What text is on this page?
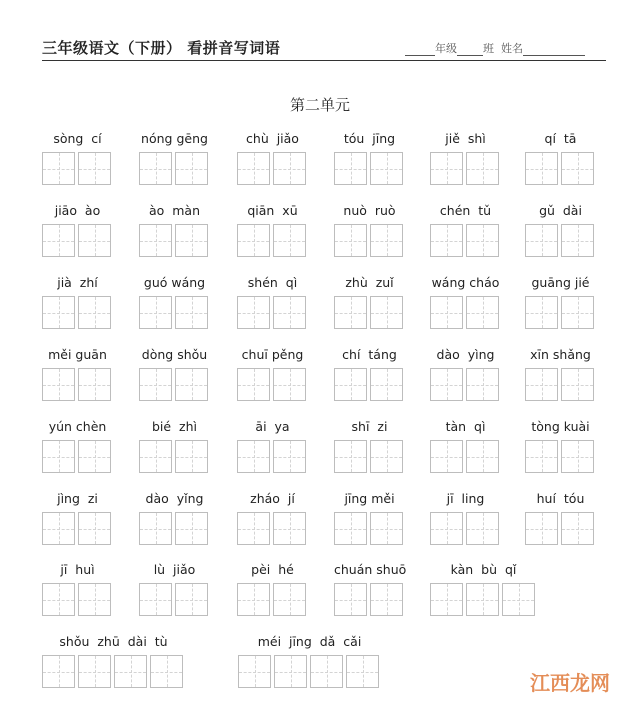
三年级语文（下册） 看拼音写词语	年级 班 姓名
第二单元
sòng  cí	nóng gēng	chù  jiǎo	tóu  jīng	jiě  shì	qí  tā
jiāo  ào	ào  màn	qiān  xū	nuò  ruò	chén  tǔ	gǔ  dài
jià  zhí	guó wáng	shén  qì	zhù  zuǐ	wáng cháo	guāng jié
měi guān	dòng shǒu	chuī pěng	chí  táng	dào  yìng	xīn shǎng
yún chèn	bié  zhì	āi  ya	shī  zi	tàn  qì	tòng kuài
jìng  zi	dào  yǐng	zháo  jí	jīng měi	jī  ling	huí  tóu
jī  huì	lù  jiǎo	pèi  hé	chuán shuō	kàn  bù  qǐ
shǒu  zhū  dài  tù	méi  jīng  dǎ  cǎi
江西龙网
